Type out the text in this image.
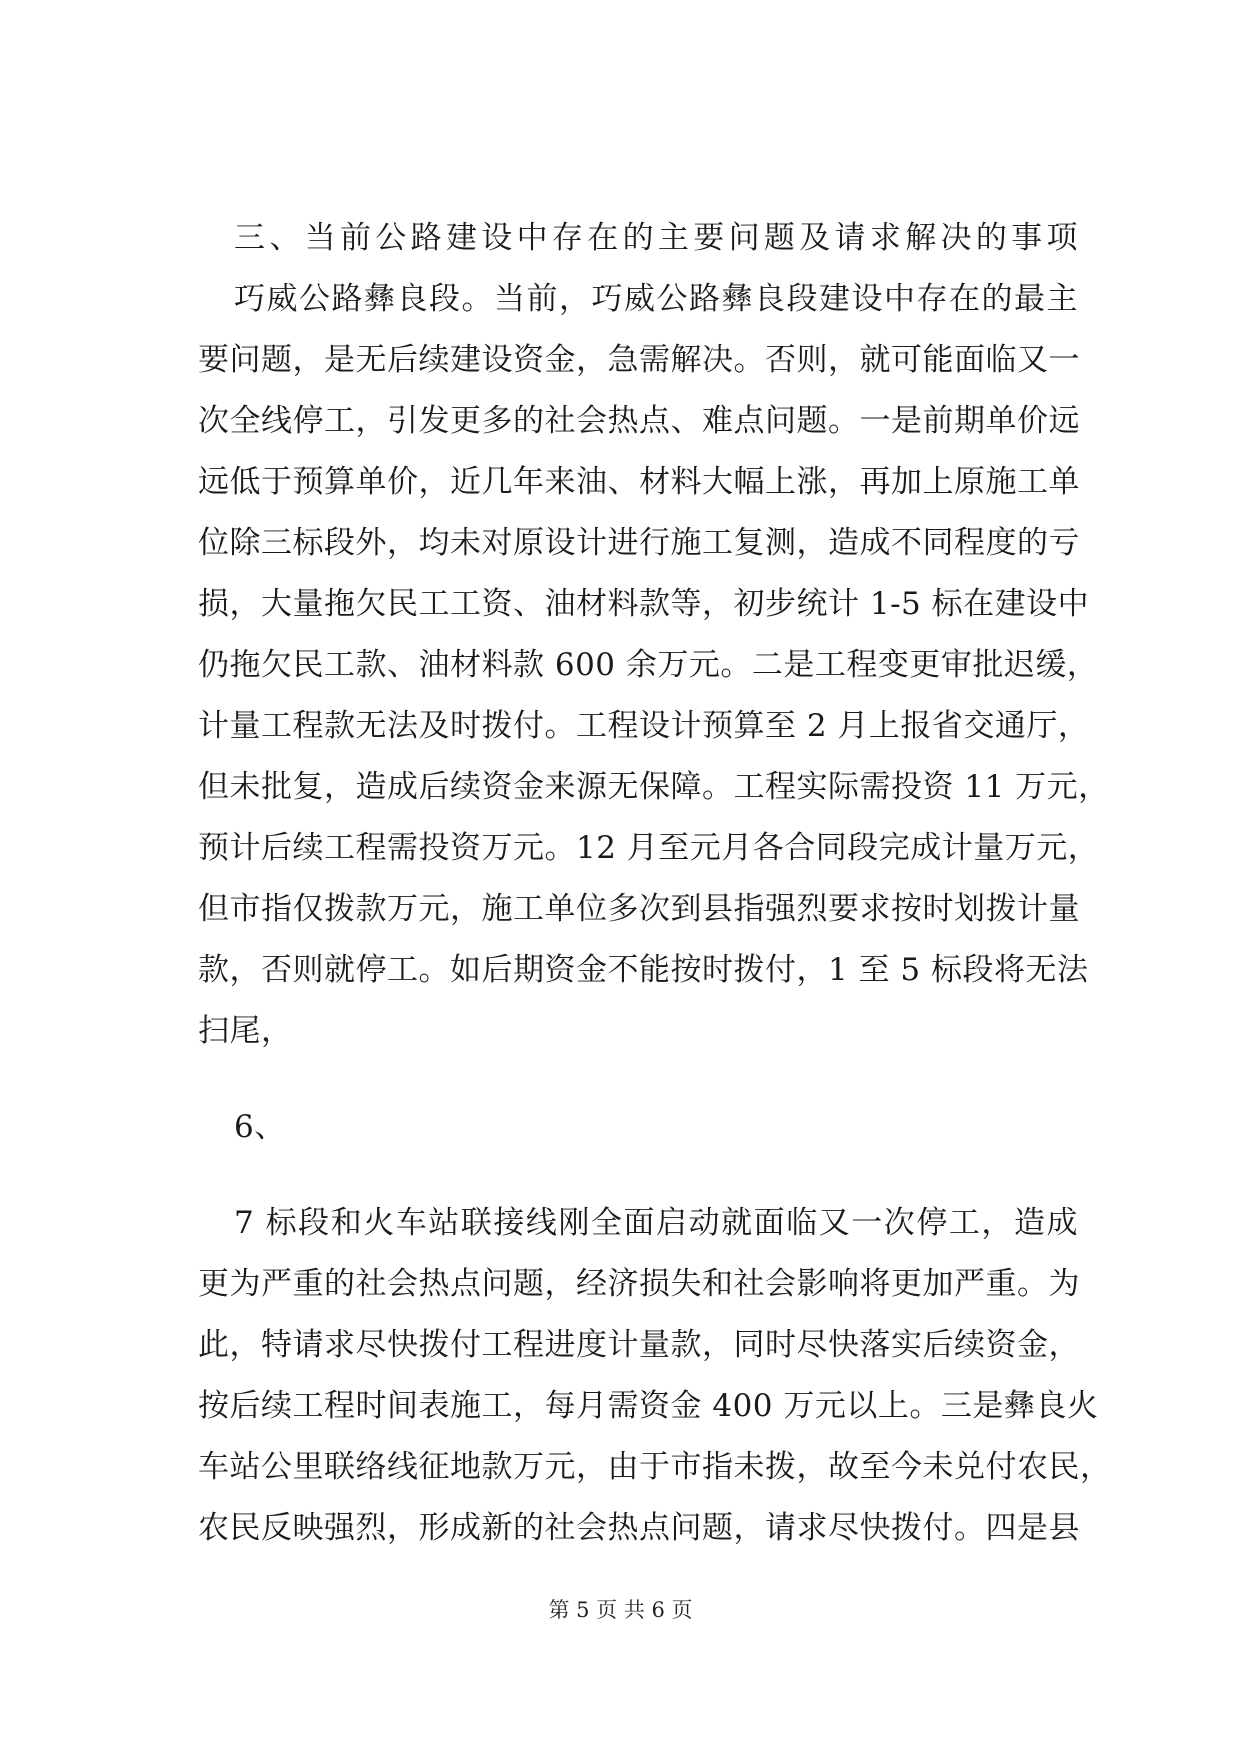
三、当前公路建设中存在的主要问题及请求解决的事项
巧威公路彝良段。当前，巧威公路彝良段建设中存在的最主
要问题，是无后续建设资金，急需解决。否则，就可能面临又一
次全线停工，引发更多的社会热点、难点问题。一是前期单价远
远低于预算单价，近几年来油、材料大幅上涨，再加上原施工单
位除三标段外，均未对原设计进行施工复测，造成不同程度的亏
损，大量拖欠民工工资、油材料款等，初步统计 1-5 标在建设中
仍拖欠民工款、油材料款 600 余万元。二是工程变更审批迟缓，
计量工程款无法及时拨付。工程设计预算至 2 月上报省交通厅，
但未批复，造成后续资金来源无保障。工程实际需投资 11 万元，
预计后续工程需投资万元。12 月至元月各合同段完成计量万元，
但市指仅拨款万元，施工单位多次到县指强烈要求按时划拨计量
款，否则就停工。如后期资金不能按时拨付，1 至 5 标段将无法
扫尾，
6、
7 标段和火车站联接线刚全面启动就面临又一次停工，造成
更为严重的社会热点问题，经济损失和社会影响将更加严重。为
此，特请求尽快拨付工程进度计量款，同时尽快落实后续资金，
按后续工程时间表施工，每月需资金 400 万元以上。三是彝良火
车站公里联络线征地款万元，由于市指未拨，故至今未兑付农民，
农民反映强烈，形成新的社会热点问题，请求尽快拨付。四是县
第 5 页 共 6 页
